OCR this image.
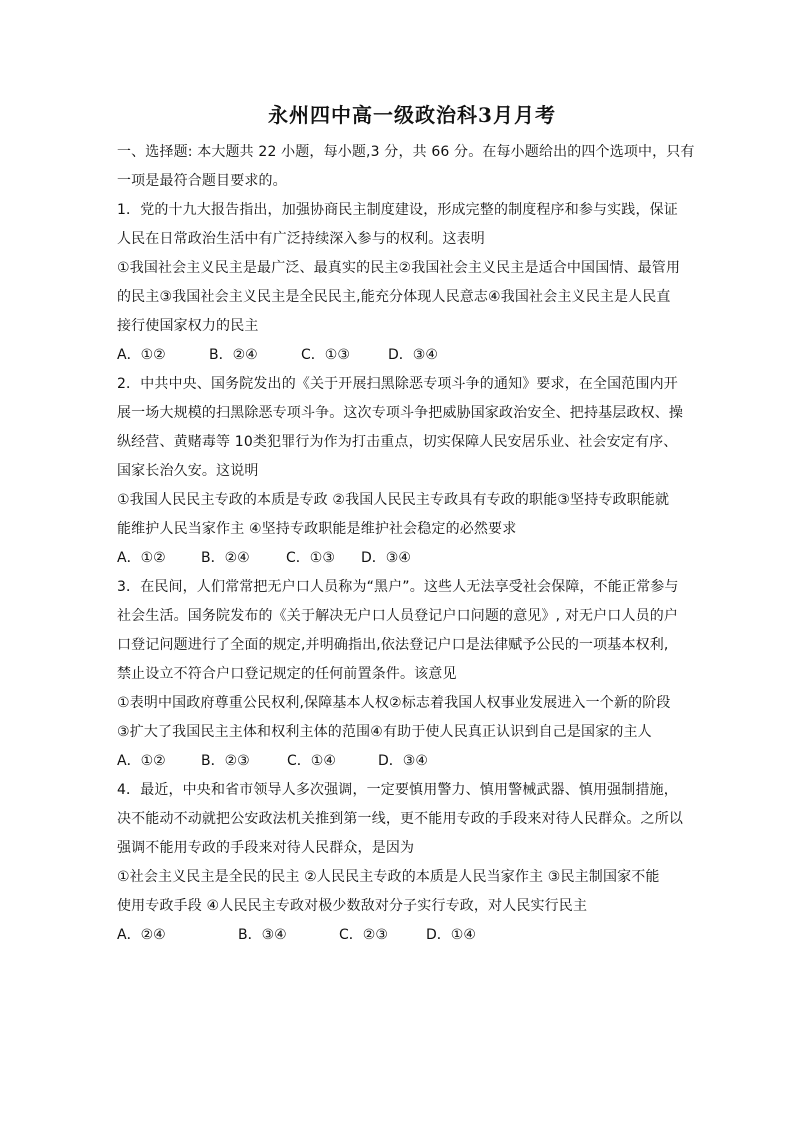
永州四中高一级政治科3月月考
一、选择题: 本大题共 22 小题，每小题,3 分，共 66 分。在每小题给出的四个选项中，只有
一项是最符合题目要求的。
1．党的十九大报告指出，加强协商民主制度建设，形成完整的制度程序和参与实践，保证
人民在日常政治生活中有广泛持续深入参与的权利。这表明
①我国社会主义民主是最广泛、最真实的民主②我国社会主义民主是适合中国国情、最管用
的民主③我国社会主义民主是全民民主,能充分体现人民意志④我国社会主义民主是人民直
接行使国家权力的民主
A．①②	B．②④	C．①③	D．③④
2．中共中央、国务院发出的《关于开展扫黑除恶专项斗争的通知》要求，在全国范围内开
展一场大规模的扫黑除恶专项斗争。这次专项斗争把威胁国家政治安全、把持基层政权、操
纵经营、黄赌毒等 10类犯罪行为作为打击重点，切实保障人民安居乐业、社会安定有序、
国家长治久安。这说明
①我国人民民主专政的本质是专政 ②我国人民民主专政具有专政的职能③坚持专政职能就
能维护人民当家作主 ④坚持专政职能是维护社会稳定的必然要求
A．①②	B．②④	C．①③	D．③④
3．在民间，人们常常把无户口人员称为“黑户”。这些人无法享受社会保障，不能正常参与
社会生活。国务院发布的《关于解决无户口人员登记户口问题的意见》, 对无户口人员的户
口登记问题进行了全面的规定,并明确指出,依法登记户口是法律赋予公民的一项基本权利,
禁止设立不符合户口登记规定的任何前置条件。该意见
①表明中国政府尊重公民权利,保障基本人权②标志着我国人权事业发展进入一个新的阶段
③扩大了我国民主主体和权利主体的范围④有助于使人民真正认识到自己是国家的主人
A．①②	B．②③	C．①④	D．③④
4．最近，中央和省市领导人多次强调，一定要慎用警力、慎用警械武器、慎用强制措施，
决不能动不动就把公安政法机关推到第一线，更不能用专政的手段来对待人民群众。之所以
强调不能用专政的手段来对待人民群众，是因为
①社会主义民主是全民的民主 ②人民民主专政的本质是人民当家作主 ③民主制国家不能
使用专政手段 ④人民民主专政对极少数敌对分子实行专政，对人民实行民主
A．②④	B．③④	C．②③	D．①④
